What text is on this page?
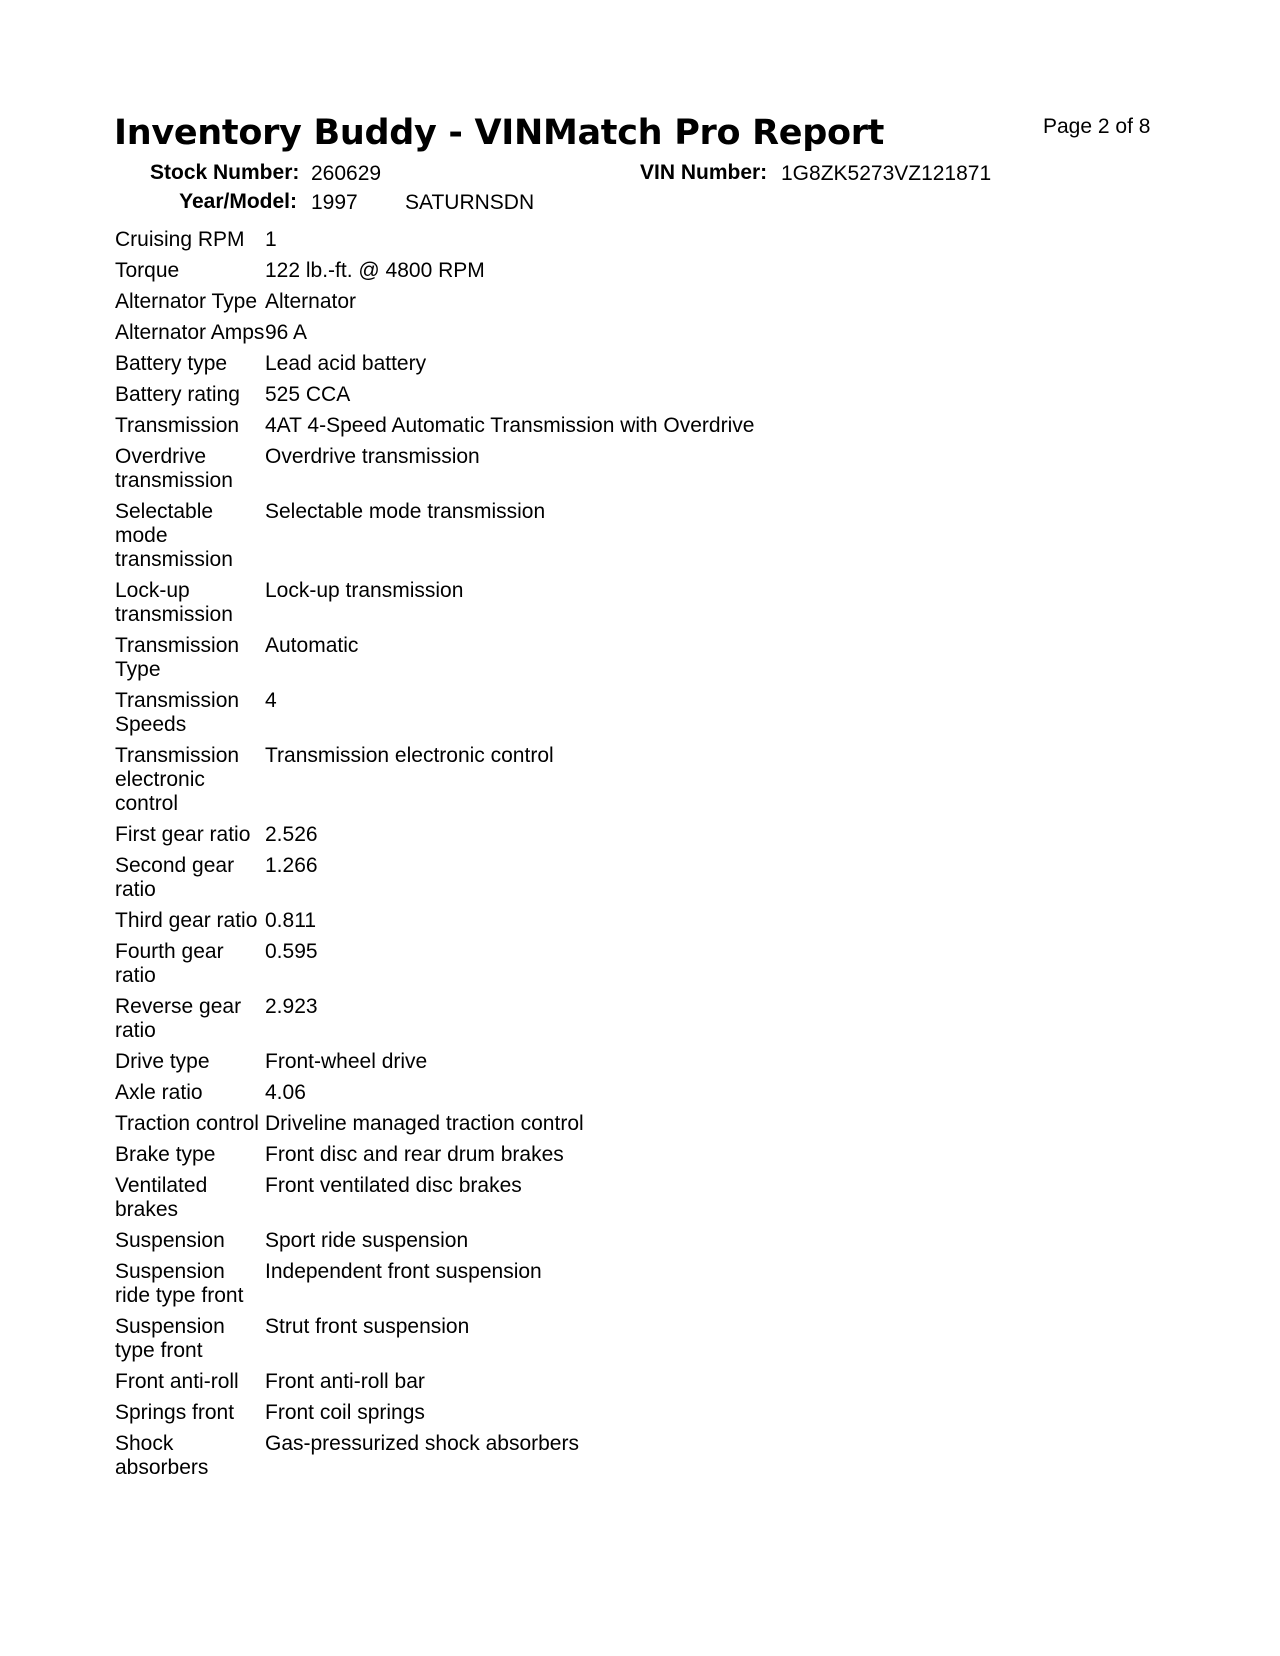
Inventory Buddy - VINMatch Pro Report	Page 2 of 8
Stock Number: 260629	VIN Number: 1G8ZK5273VZ121871
Year/Model: 1997 SATURNSDN
Cruising RPM	1
Torque	122 lb.-ft. @ 4800 RPM
Alternator Type	Alternator
Alternator Amps	96 A
Battery type	Lead acid battery
Battery rating	525 CCA
Transmission	4AT 4-Speed Automatic Transmission with Overdrive
Overdrive transmission	Overdrive transmission
Selectable mode transmission	Selectable mode transmission
Lock-up transmission	Lock-up transmission
Transmission Type	Automatic
Transmission Speeds	4
Transmission electronic control	Transmission electronic control
First gear ratio	2.526
Second gear ratio	1.266
Third gear ratio	0.811
Fourth gear ratio	0.595
Reverse gear ratio	2.923
Drive type	Front-wheel drive
Axle ratio	4.06
Traction control	Driveline managed traction control
Brake type	Front disc and rear drum brakes
Ventilated brakes	Front ventilated disc brakes
Suspension	Sport ride suspension
Suspension ride type front	Independent front suspension
Suspension type front	Strut front suspension
Front anti-roll	Front anti-roll bar
Springs front	Front coil springs
Shock absorbers	Gas-pressurized shock absorbers
